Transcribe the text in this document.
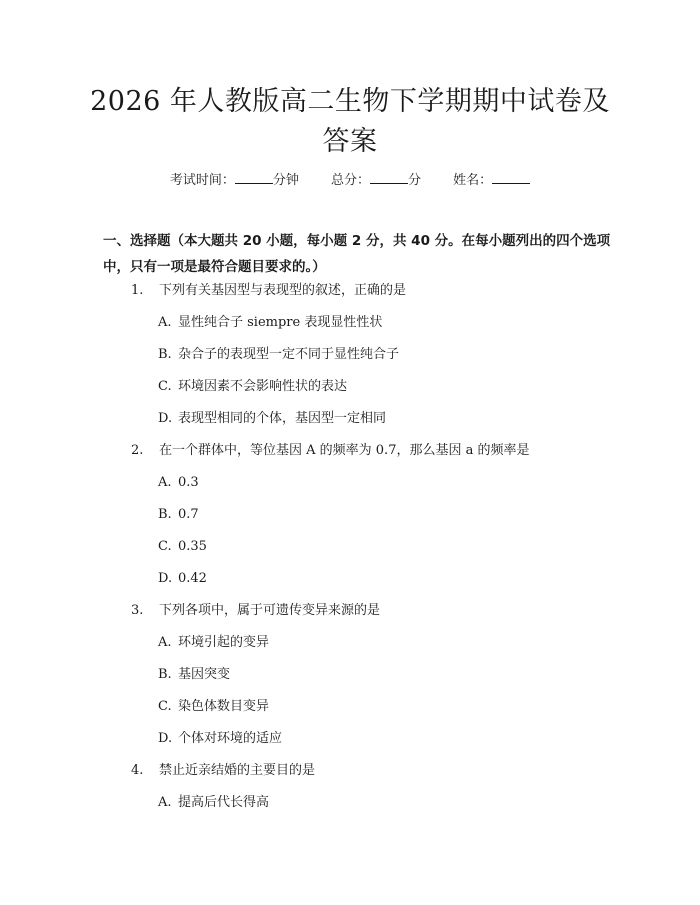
2026 年人教版高二生物下学期期中试卷及答案
考试时间：	分钟 总分：	分 姓名：
一、选择题（本大题共 20 小题，每小题 2 分，共 40 分。在每小题列出的四个选项中，只有一项是最符合题目要求的。）
1. 下列有关基因型与表现型的叙述，正确的是
A. 显性纯合子 siempre 表现显性性状
B. 杂合子的表现型一定不同于显性纯合子
C. 环境因素不会影响性状的表达
D. 表现型相同的个体，基因型一定相同
2. 在一个群体中，等位基因 A 的频率为 0.7，那么基因 a 的频率是
A. 0.3
B. 0.7
C. 0.35
D. 0.42
3. 下列各项中，属于可遗传变异来源的是
A. 环境引起的变异
B. 基因突变
C. 染色体数目变异
D. 个体对环境的适应
4. 禁止近亲结婚的主要目的是
A. 提高后代长得高
